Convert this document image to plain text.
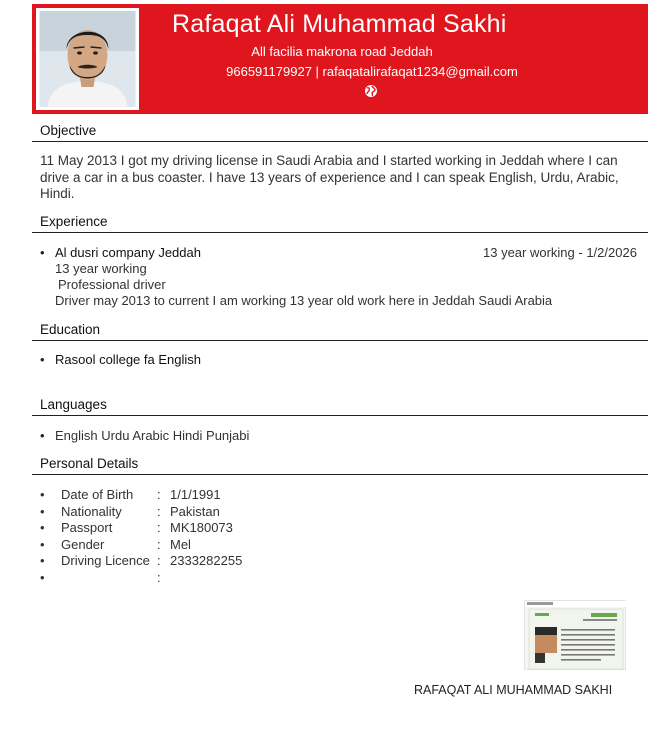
Rafaqat Ali Muhammad Sakhi
All facilia makrona road Jeddah
966591179927 | rafaqatalirafaqat1234@gmail.com
Objective
11 May 2013 I got my driving license in Saudi Arabia and I started working in Jeddah where I can drive a car in a bus coaster. I have 13 years of experience and I can speak English, Urdu, Arabic, Hindi.
Experience
• Al dusri company Jeddah	13 year working - 1/2/2026
13 year working
Professional driver
Driver may 2013 to current I am working 13 year old work here in Jeddah Saudi Arabia
Education
• Rasool college fa English
Languages
• English Urdu Arabic Hindi Punjabi
Personal Details
• Date of Birth : 1/1/1991
• Nationality	: Pakistan
• Passport	: MK180073
• Gender	: Mel
• Driving Licence : 2333282255
•	:
RAFAQAT ALI MUHAMMAD SAKHI
